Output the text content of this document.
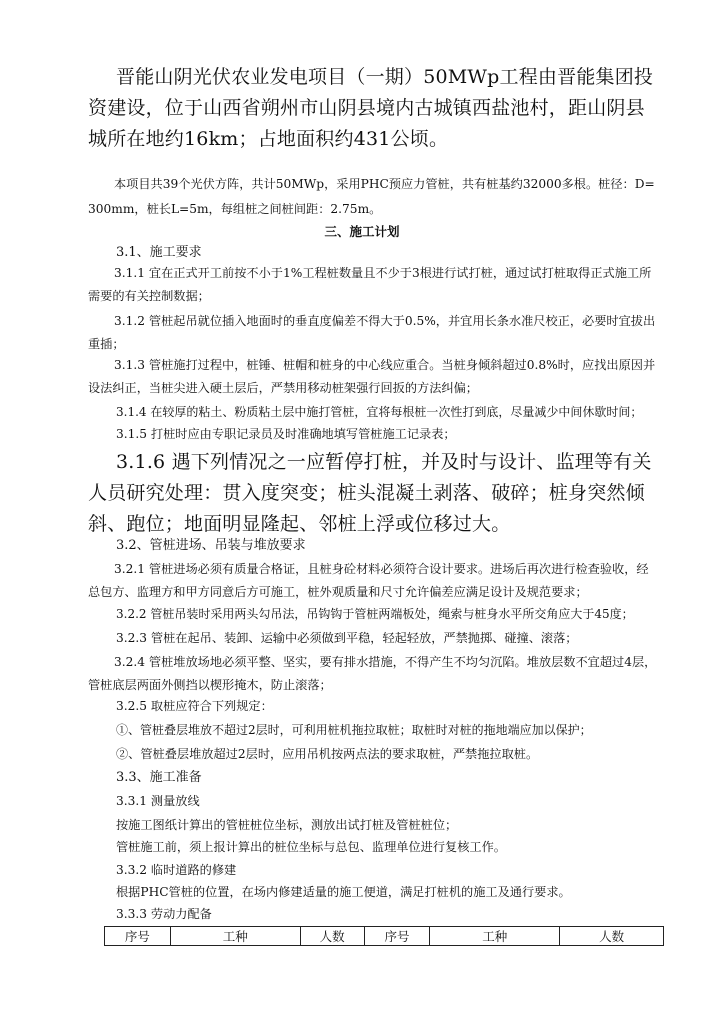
晋能山阴光伏农业发电项目（一期）50MWp工程由晋能集团投资建设，位于山西省朔州市山阴县境内古城镇西盐池村，距山阴县城所在地约16km；占地面积约431公顷。

本项目共39个光伏方阵，共计50MWp，采用PHC预应力管桩，共有桩基约32000多根。桩径：D=300mm，桩长L=5m，每组桩之间桩间距：2.75m。

三、施工计划
3.1、施工要求

3.1.1 宜在正式开工前按不小于1%工程桩数量且不少于3根进行试打桩，通过试打桩取得正式施工所需要的有关控制数据；

3.1.2 管桩起吊就位插入地面时的垂直度偏差不得大于0.5%，并宜用长条水准尺校正，必要时宜拔出重插；

3.1.3 管桩施打过程中，桩锤、桩帽和桩身的中心线应重合。当桩身倾斜超过0.8%时，应找出原因并设法纠正，当桩尖进入硬土层后，严禁用移动桩架强行回扳的方法纠偏；

3.1.4 在较厚的粘土、粉质粘土层中施打管桩，宜将每根桩一次性打到底，尽量减少中间休歇时间；
3.1.5 打桩时应由专职记录员及时准确地填写管桩施工记录表；

3.1.6 遇下列情况之一应暂停打桩，并及时与设计、监理等有关人员研究处理：贯入度突变；桩头混凝土剥落、破碎；桩身突然倾斜、跑位；地面明显隆起、邻桩上浮或位移过大。

3.2、管桩进场、吊装与堆放要求

3.2.1 管桩进场必须有质量合格证，且桩身砼材料必须符合设计要求。进场后再次进行检查验收，经总包方、监理方和甲方同意后方可施工，桩外观质量和尺寸允许偏差应满足设计及规范要求；

3.2.2 管桩吊装时采用两头勾吊法，吊钩钩于管桩两端板处，绳索与桩身水平所交角应大于45度；
3.2.3 管桩在起吊、装卸、运输中必须做到平稳，轻起轻放，严禁抛掷、碰撞、滚落；

3.2.4 管桩堆放场地必须平整、坚实，要有排水措施，不得产生不均匀沉陷。堆放层数不宜超过4层，管桩底层两面外侧挡以楔形掩木，防止滚落；

3.2.5 取桩应符合下列规定：
①、管桩叠层堆放不超过2层时，可利用桩机拖拉取桩；取桩时对桩的拖地端应加以保护；
②、管桩叠层堆放超过2层时，应用吊机按两点法的要求取桩，严禁拖拉取桩。
3.3、施工准备
3.3.1 测量放线
按施工图纸计算出的管桩桩位坐标，测放出试打桩及管桩桩位；
管桩施工前，须上报计算出的桩位坐标与总包、监理单位进行复核工作。
3.3.2 临时道路的修建
根据PHC管桩的位置，在场内修建适量的施工便道，满足打桩机的施工及通行要求。
3.3.3 劳动力配备
序号	工种	人数	序号	工种	人数
